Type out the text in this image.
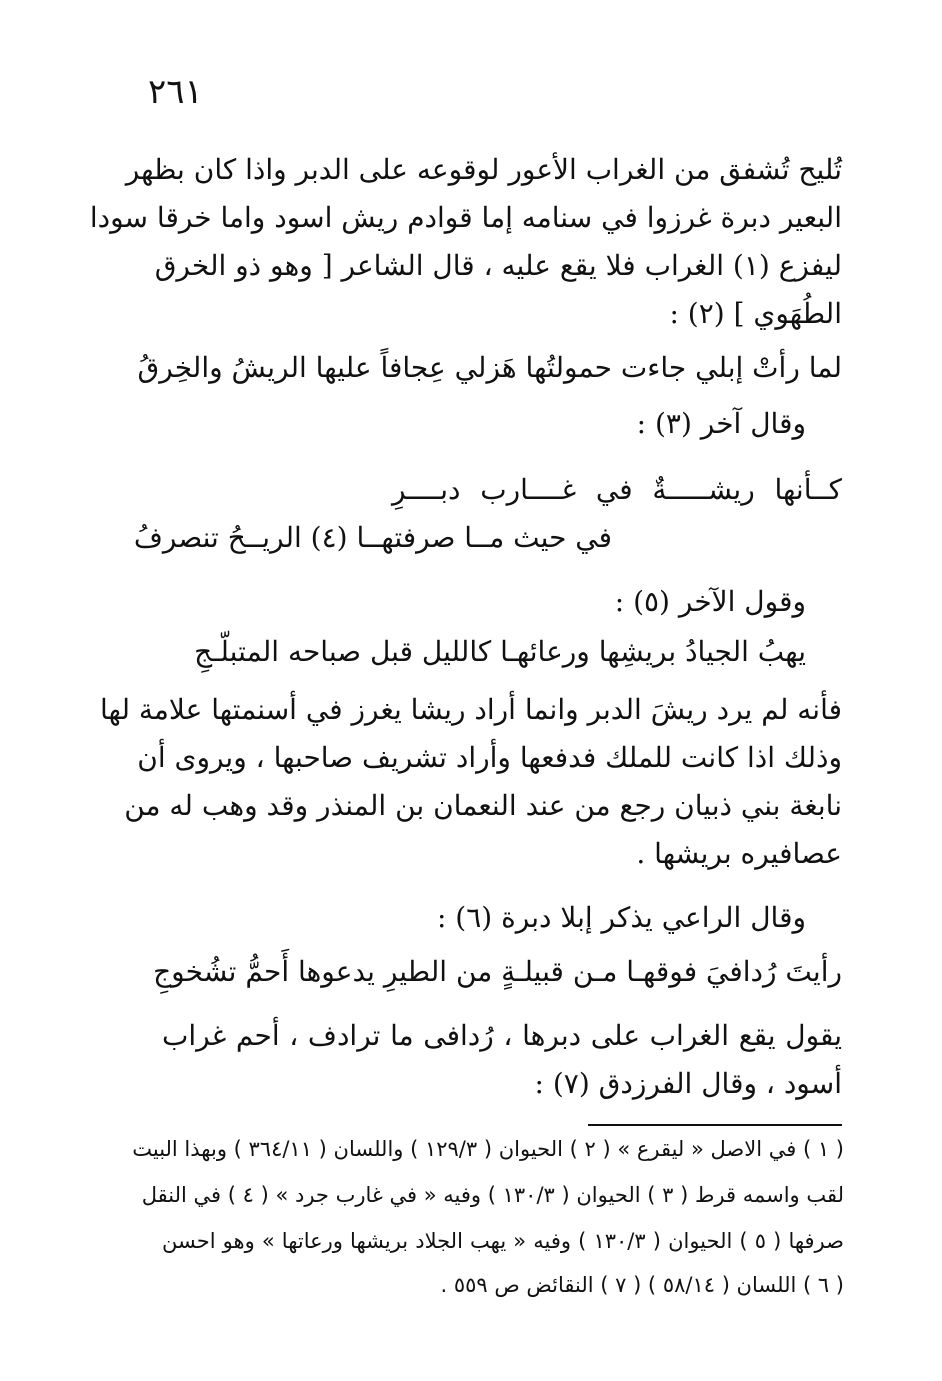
٢٦١
تُليح تُشفق من الغراب الأعور لوقوعه على الدبر واذا كان بظهر
البعير دبرة غرزوا في سنامه إما قوادم ريش اسود واما خرقا سودا
ليفزع (١) الغراب فلا يقع عليه ، قال الشاعر [ وهو ذو الخرق
الطُهَوي ] (٢) :
لما رأتْ إبلي جاءت حمولتُها هَزلي عِجافاً عليها الريشُ والخِرقُ
وقال آخر (٣) :
كــأنها ريشـــــةٌ في غــــارب دبــــرِ
في حيث مــا صرفتهــا (٤) الريــحُ تنصرفُ
وقول الآخر (٥) :
يهبُ الجيادُ بريشِها ورعائهـا كالليل قبل صباحه المتبلّـجِ
فأنه لم يرد ريشَ الدبر وانما أراد ريشا يغرز في أسنمتها علامة لها
وذلك اذا كانت للملك فدفعها وأراد تشريف صاحبها ، ويروى أن
نابغة بني ذبيان رجع من عند النعمان بن المنذر وقد وهب له من
عصافيره بريشها .
وقال الراعي يذكر إبلا دبرة (٦) :
رأيتَ رُدافيَ فوقهـا مـن قبيلـةٍ من الطيرِ يدعوها أَحمُّ تشُخوجِ
يقول يقع الغراب على دبرها ، رُدافى ما ترادف ، أحم غراب
أسود ، وقال الفرزدق (٧) :
( ١ ) في الاصل « ليقرع » ( ٢ ) الحيوان ( ١٢٩/٣ ) واللسان ( ٣٦٤/١١ ) وبهذا البيت
لقب واسمه قرط ( ٣ ) الحيوان ( ١٣٠/٣ ) وفيه « في غارب جرد » ( ٤ ) في النقل
صرفها ( ٥ ) الحيوان ( ١٣٠/٣ ) وفيه « يهب الجلاد بريشها ورعاتها » وهو احسن
( ٦ ) اللسان ( ٥٨/١٤ ) ( ٧ ) النقائض ص ٥٥٩ .
